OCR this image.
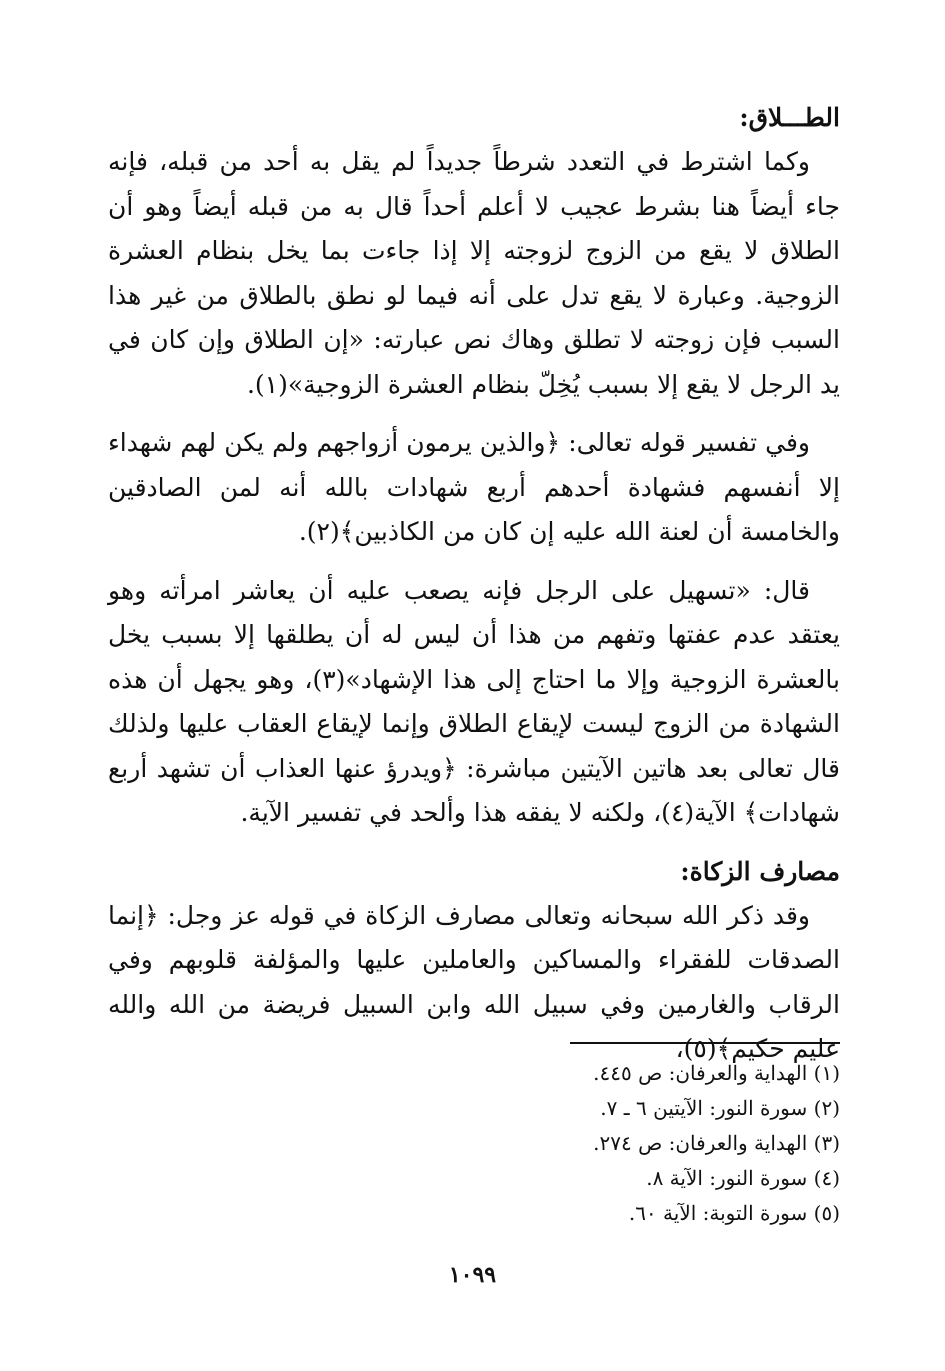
الطـــلاق:

وكما اشترط في التعدد شرطاً جديداً لم يقل به أحد من قبله، فإنه جاء أيضاً هنا بشرط عجيب لا أعلم أحداً قال به من قبله أيضاً وهو أن الطلاق لا يقع من الزوج لزوجته إلا إذا جاءت بما يخل بنظام العشرة الزوجية. وعبارة لا يقع تدل على أنه فيما لو نطق بالطلاق من غير هذا السبب فإن زوجته لا تطلق وهاك نص عبارته: «إن الطلاق وإن كان في يد الرجل لا يقع إلا بسبب يُخِلّ بنظام العشرة الزوجية»(١).

وفي تفسير قوله تعالى: ﴿والذين يرمون أزواجهم ولم يكن لهم شهداء إلا أنفسهم فشهادة أحدهم أربع شهادات بالله أنه لمن الصادقين والخامسة أن لعنة الله عليه إن كان من الكاذبين﴾(٢).

قال: «تسهيل على الرجل فإنه يصعب عليه أن يعاشر امرأته وهو يعتقد عدم عفتها وتفهم من هذا أن ليس له أن يطلقها إلا بسبب يخل بالعشرة الزوجية وإلا ما احتاج إلى هذا الإشهاد»(٣)، وهو يجهل أن هذه الشهادة من الزوج ليست لإيقاع الطلاق وإنما لإيقاع العقاب عليها ولذلك قال تعالى بعد هاتين الآيتين مباشرة: ﴿ويدرؤ عنها العذاب أن تشهد أربع شهادات﴾ الآية(٤)، ولكنه لا يفقه هذا وألحد في تفسير الآية.

مصارف الزكاة:

وقد ذكر الله سبحانه وتعالى مصارف الزكاة في قوله عز وجل: ﴿إنما الصدقات للفقراء والمساكين والعاملين عليها والمؤلفة قلوبهم وفي الرقاب والغارمين وفي سبيل الله وابن السبيل فريضة من الله والله عليم حكيم﴾(٥)،

(١) الهداية والعرفان: ص ٤٤٥.

(٢) سورة النور: الآيتين ٦ ـ ٧.

(٣) الهداية والعرفان: ص ٢٧٤.

(٤) سورة النور: الآية ٨.

(٥) سورة التوبة: الآية ٦٠.

١٠٩٩
